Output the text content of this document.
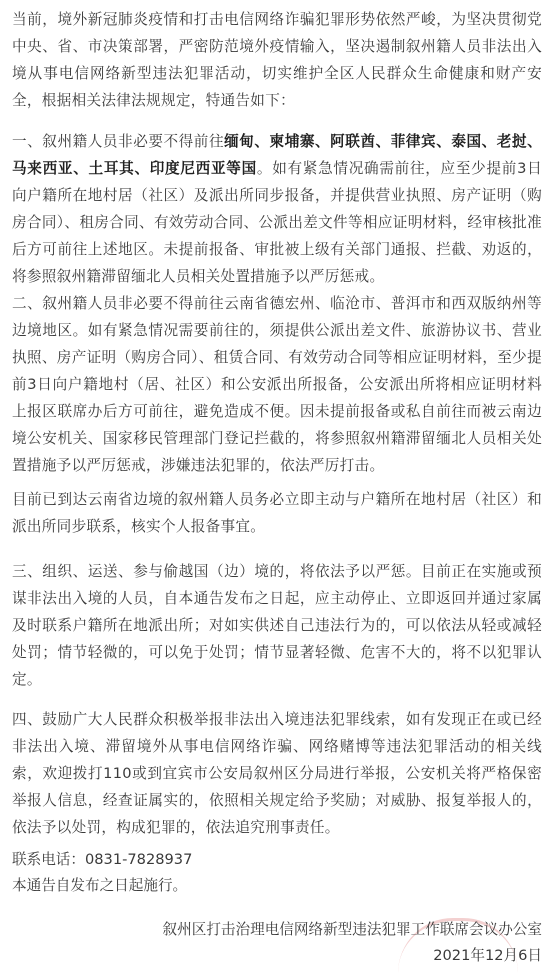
当前，境外新冠肺炎疫情和打击电信网络诈骗犯罪形势依然严峻，为坚决贯彻党中央、省、市决策部署，严密防范境外疫情输入，坚决遏制叙州籍人员非法出入境从事电信网络新型违法犯罪活动，切实维护全区人民群众生命健康和财产安全，根据相关法律法规规定，特通告如下：

一、叙州籍人员非必要不得前往缅甸、柬埔寨、阿联酋、菲律宾、泰国、老挝、马来西亚、土耳其、印度尼西亚等国。如有紧急情况确需前往，应至少提前3日向户籍所在地村居（社区）及派出所同步报备，并提供营业执照、房产证明（购房合同）、租房合同、有效劳动合同、公派出差文件等相应证明材料，经审核批准后方可前往上述地区。未提前报备、审批被上级有关部门通报、拦截、劝返的，将参照叙州籍滞留缅北人员相关处置措施予以严厉惩戒。

二、叙州籍人员非必要不得前往云南省德宏州、临沧市、普洱市和西双版纳州等边境地区。如有紧急情况需要前往的，须提供公派出差文件、旅游协议书、营业执照、房产证明（购房合同）、租赁合同、有效劳动合同等相应证明材料，至少提前3日向户籍地村（居、社区）和公安派出所报备，公安派出所将相应证明材料上报区联席办后方可前往，避免造成不便。因未提前报备或私自前往而被云南边境公安机关、国家移民管理部门登记拦截的，将参照叙州籍滞留缅北人员相关处置措施予以严厉惩戒，涉嫌违法犯罪的，依法严厉打击。

目前已到达云南省边境的叙州籍人员务必立即主动与户籍所在地村居（社区）和派出所同步联系，核实个人报备事宜。

三、组织、运送、参与偷越国（边）境的，将依法予以严惩。目前正在实施或预谋非法出入境的人员，自本通告发布之日起，应主动停止、立即返回并通过家属及时联系户籍所在地派出所；对如实供述自己违法行为的，可以依法从轻或减轻处罚；情节轻微的，可以免于处罚；情节显著轻微、危害不大的，将不以犯罪认定。

四、鼓励广大人民群众积极举报非法出入境违法犯罪线索，如有发现正在或已经非法出入境、滞留境外从事电信网络诈骗、网络赌博等违法犯罪活动的相关线索，欢迎拨打110或到宜宾市公安局叙州区分局进行举报，公安机关将严格保密举报人信息，经查证属实的，依照相关规定给予奖励；对威胁、报复举报人的，依法予以处罚，构成犯罪的，依法追究刑事责任。

联系电话：0831-7828937

本通告自发布之日起施行。

叙州区打击治理电信网络新型违法犯罪工作联席会议办公室

2021年12月6日
